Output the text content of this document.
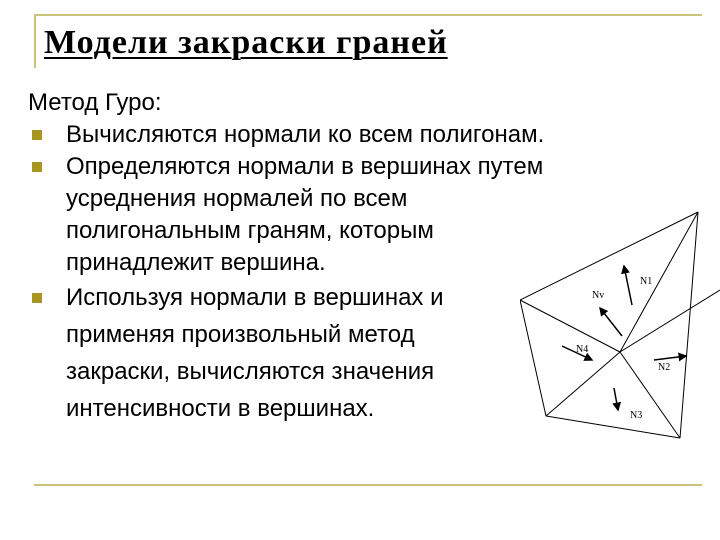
Модели закраски граней

Метод Гуро:

Вычисляются нормали ко всем полигонам.
Определяются нормали в вершинах путем
усреднения нормалей по всем
полигональным граням, которым
принадлежит вершина.
Используя нормали в вершинах и
применяя произвольный метод
закраски, вычисляются значения
интенсивности в вершинах.
N1
Nv
N4
N2
N3
